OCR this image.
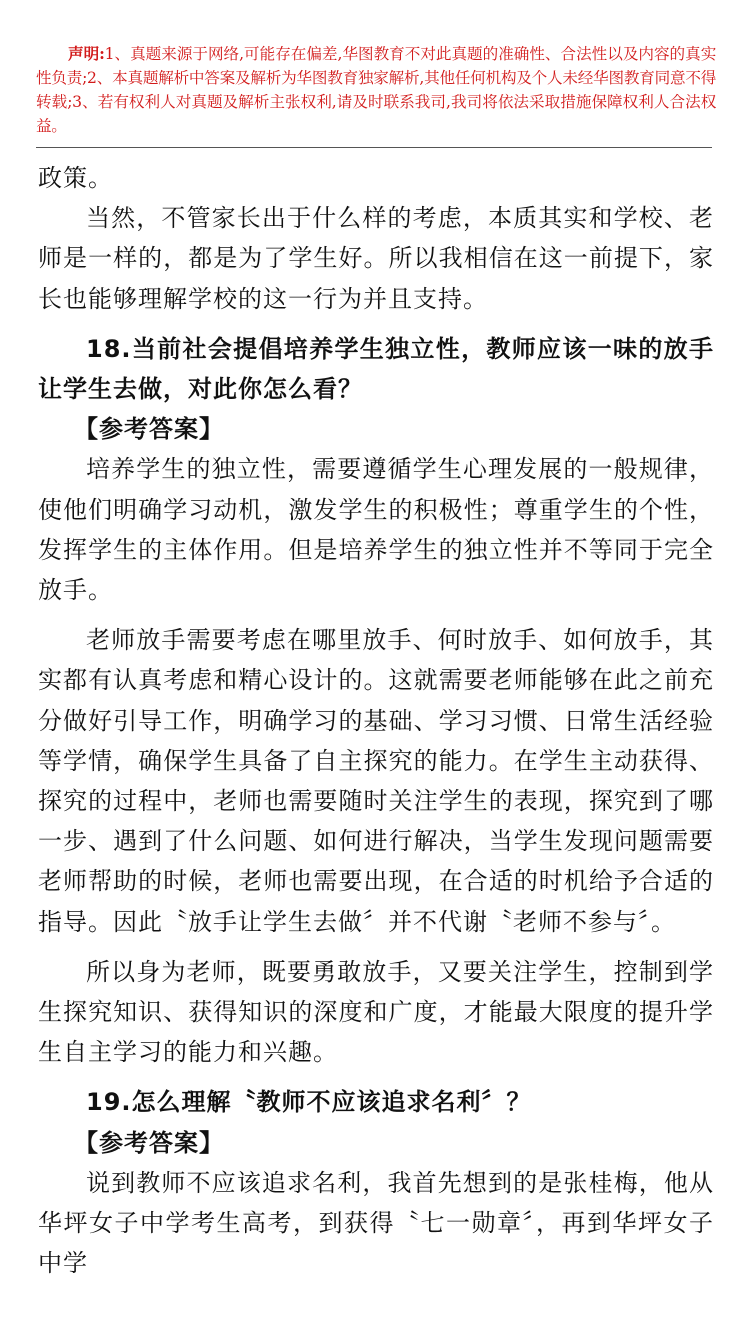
声明:1、真题来源于网络,可能存在偏差,华图教育不对此真题的准确性、合法性以及内容的真实性负责;2、本真题解析中答案及解析为华图教育独家解析,其他任何机构及个人未经华图教育同意不得转载;3、若有权利人对真题及解析主张权利,请及时联系我司,我司将依法采取措施保障权利人合法权益。

政策。

当然，不管家长出于什么样的考虑，本质其实和学校、老师是一样的，都是为了学生好。所以我相信在这一前提下，家长也能够理解学校的这一行为并且支持。

18.当前社会提倡培养学生独立性，教师应该一味的放手让学生去做，对此你怎么看？

【参考答案】

培养学生的独立性，需要遵循学生心理发展的一般规律，使他们明确学习动机，激发学生的积极性；尊重学生的个性，发挥学生的主体作用。但是培养学生的独立性并不等同于完全放手。

老师放手需要考虑在哪里放手、何时放手、如何放手，其实都有认真考虑和精心设计的。这就需要老师能够在此之前充分做好引导工作，明确学习的基础、学习习惯、日常生活经验等学情，确保学生具备了自主探究的能力。在学生主动获得、探究的过程中，老师也需要随时关注学生的表现，探究到了哪一步、遇到了什么问题、如何进行解决，当学生发现问题需要老师帮助的时候，老师也需要出现，在合适的时机给予合适的指导。因此〝放手让学生去做〞并不代谢〝老师不参与〞。

所以身为老师，既要勇敢放手，又要关注学生，控制到学生探究知识、获得知识的深度和广度，才能最大限度的提升学生自主学习的能力和兴趣。

19.怎么理解〝教师不应该追求名利〞？

【参考答案】

说到教师不应该追求名利，我首先想到的是张桂梅，他从华坪女子中学考生高考，到获得〝七一勋章〞，再到华坪女子中学
